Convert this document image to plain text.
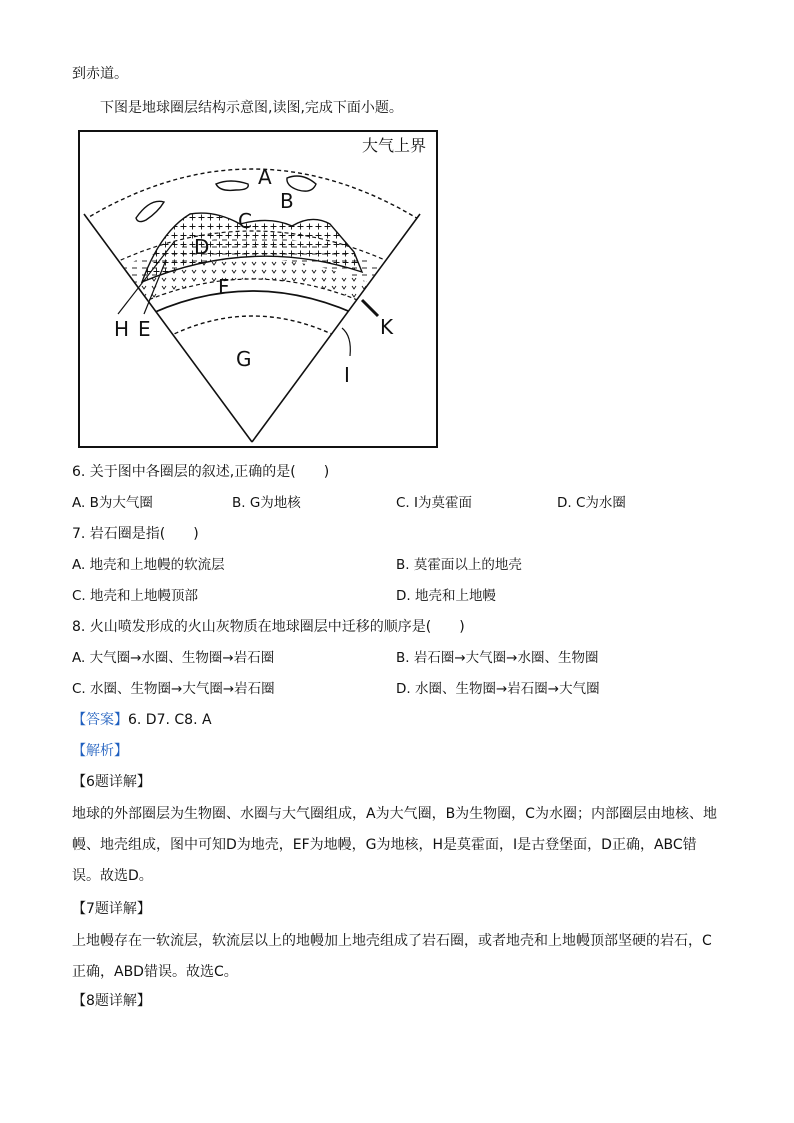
到赤道。
下图是地球圈层结构示意图,读图,完成下面小题。
大气上界
A
B
C
D
F
G
H E	K
I
6. 关于图中各圈层的叙述,正确的是(　　)
A. B为大气圈	B. G为地核	C. I为莫霍面	D. C为水圈
7. 岩石圈是指(　　)
A. 地壳和上地幔的软流层	B. 莫霍面以上的地壳
C. 地壳和上地幔顶部	D. 地壳和上地幔
8. 火山喷发形成的火山灰物质在地球圈层中迁移的顺序是(　　)
A. 大气圈→水圈、生物圈→岩石圈	B. 岩石圈→大气圈→水圈、生物圈
C. 水圈、生物圈→大气圈→岩石圈	D. 水圈、生物圈→岩石圈→大气圈
【答案】6. D7. C8. A
【解析】
【6题详解】
地球的外部圈层为生物圈、水圈与大气圈组成，A为大气圈，B为生物圈，C为水圈；内部圈层由地核、地幔、地壳组成，图中可知D为地壳，EF为地幔，G为地核，H是莫霍面，I是古登堡面，D正确，ABC错误。故选D。
【7题详解】
上地幔存在一软流层，软流层以上的地幔加上地壳组成了岩石圈，或者地壳和上地幔顶部坚硬的岩石，C正确，ABD错误。故选C。
【8题详解】
